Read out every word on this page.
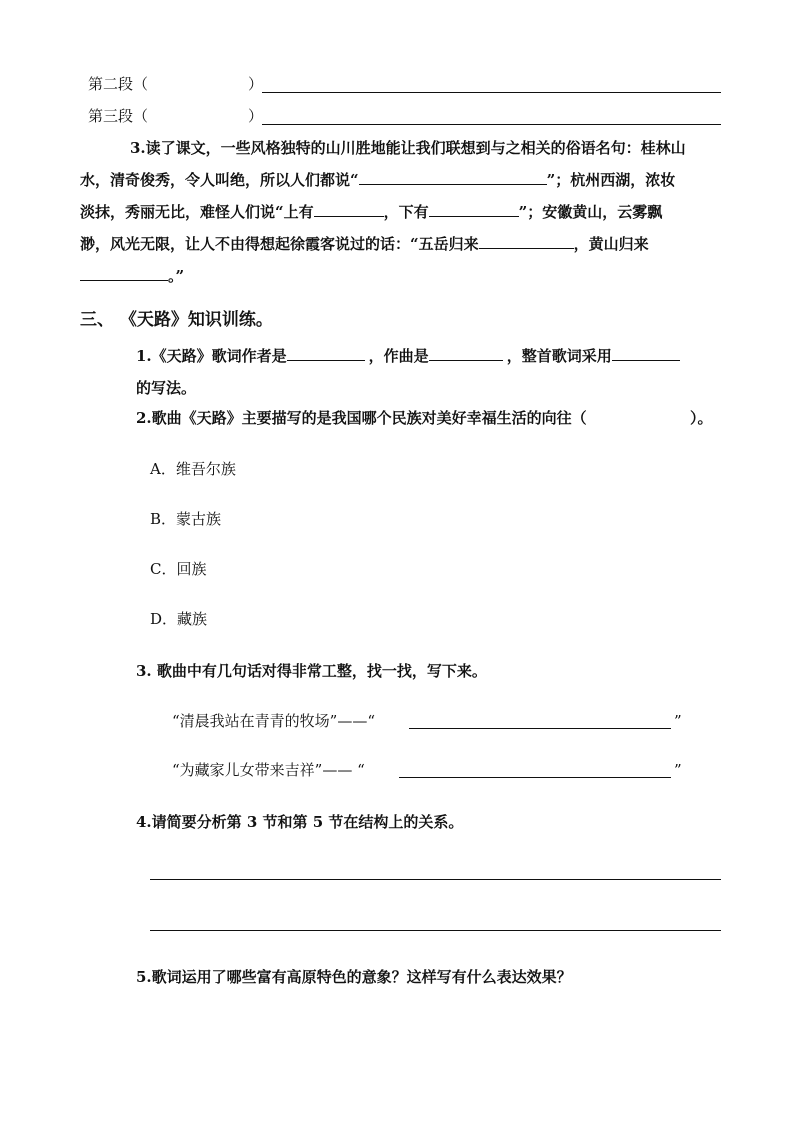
第二段（	）
第三段（	）
3.读了课文，一些风格独特的山川胜地能让我们联想到与之相关的俗语名句：桂林山
水，清奇俊秀，令人叫绝，所以人们都说“	”；杭州西湖，浓妆
淡抹，秀丽无比，难怪人们说“上有	，下有	”；安徽黄山，云雾飘
渺，风光无限，让人不由得想起徐霞客说过的话：“五岳归来	，黄山归来
。”
三、 《天路》知识训练。
1.《天路》歌词作者是	，作曲是	，整首歌词采用
的写法。
2.歌曲《天路》主要描写的是我国哪个民族对美好幸福生活的向往（	）。
A．维吾尔族
B．蒙古族
C．回族
D．藏族
3. 歌曲中有几句话对得非常工整，找一找，写下来。
“清晨我站在青青的牧场”——“	”
“为藏家儿女带来吉祥”—— “	”
4.请简要分析第 3 节和第 5 节在结构上的关系。
5.歌词运用了哪些富有高原特色的意象？这样写有什么表达效果？
